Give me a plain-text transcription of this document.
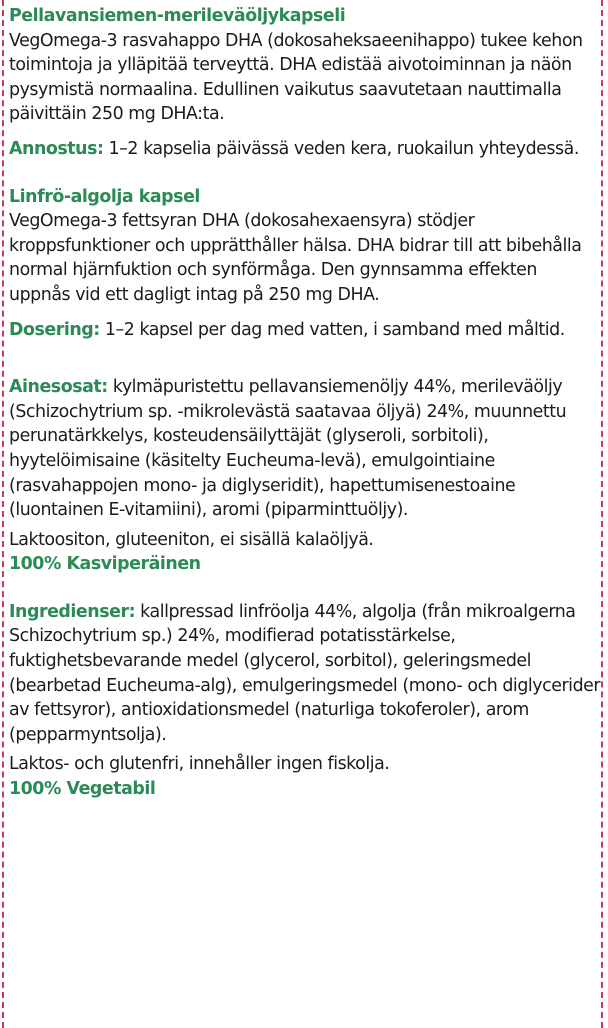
Pellavansiemen-merileväöljykapseli

VegOmega-3 rasvahappo DHA (dokosaheksaeenihappo) tukee kehon toimintoja ja ylläpitää terveyttä. DHA edistää aivotoiminnan ja näön pysymistä normaalina. Edullinen vaikutus saavutetaan nauttimalla päivittäin 250 mg DHA:ta.

Annostus: 1–2 kapselia päivässä veden kera, ruokailun yhteydessä.

Linfrö-algolja kapsel

VegOmega-3 fettsyran DHA (dokosahexaensyra) stödjer kroppsfunktioner och upprätthåller hälsa. DHA bidrar till att bibehålla normal hjärnfuktion och synförmåga. Den gynnsamma effekten uppnås vid ett dagligt intag på 250 mg DHA.

Dosering: 1–2 kapsel per dag med vatten, i samband med måltid.

Ainesosat: kylmäpuristettu pellavansiemenöljy 44%, merileväöljy (Schizochytrium sp. -mikrolevästä saatavaa öljyä) 24%, muunnettu perunatärkkelys, kosteudensäilyttäjät (glyseroli, sorbitoli), hyytelöimisaine (käsitelty Eucheuma-levä), emulgointiaine (rasvahappojen mono- ja diglyseridit), hapettumisenestoaine (luontainen E-vitamiini), aromi (piparminttuöljy).

Laktoositon, gluteeniton, ei sisällä kalaöljyä.

100% Kasviperäinen

Ingredienser: kallpressad linfröolja 44%, algolja (från mikroalgerna Schizochytrium sp.) 24%, modifierad potatisstärkelse, fuktighetsbevarande medel (glycerol, sorbitol), geleringsmedel (bearbetad Eucheuma-alg), emulgeringsmedel (mono- och diglycerider av fettsyror), antioxidationsmedel (naturliga tokoferoler), arom (pepparmyntsolja).

Laktos- och glutenfri, innehåller ingen fiskolja.

100% Vegetabil
